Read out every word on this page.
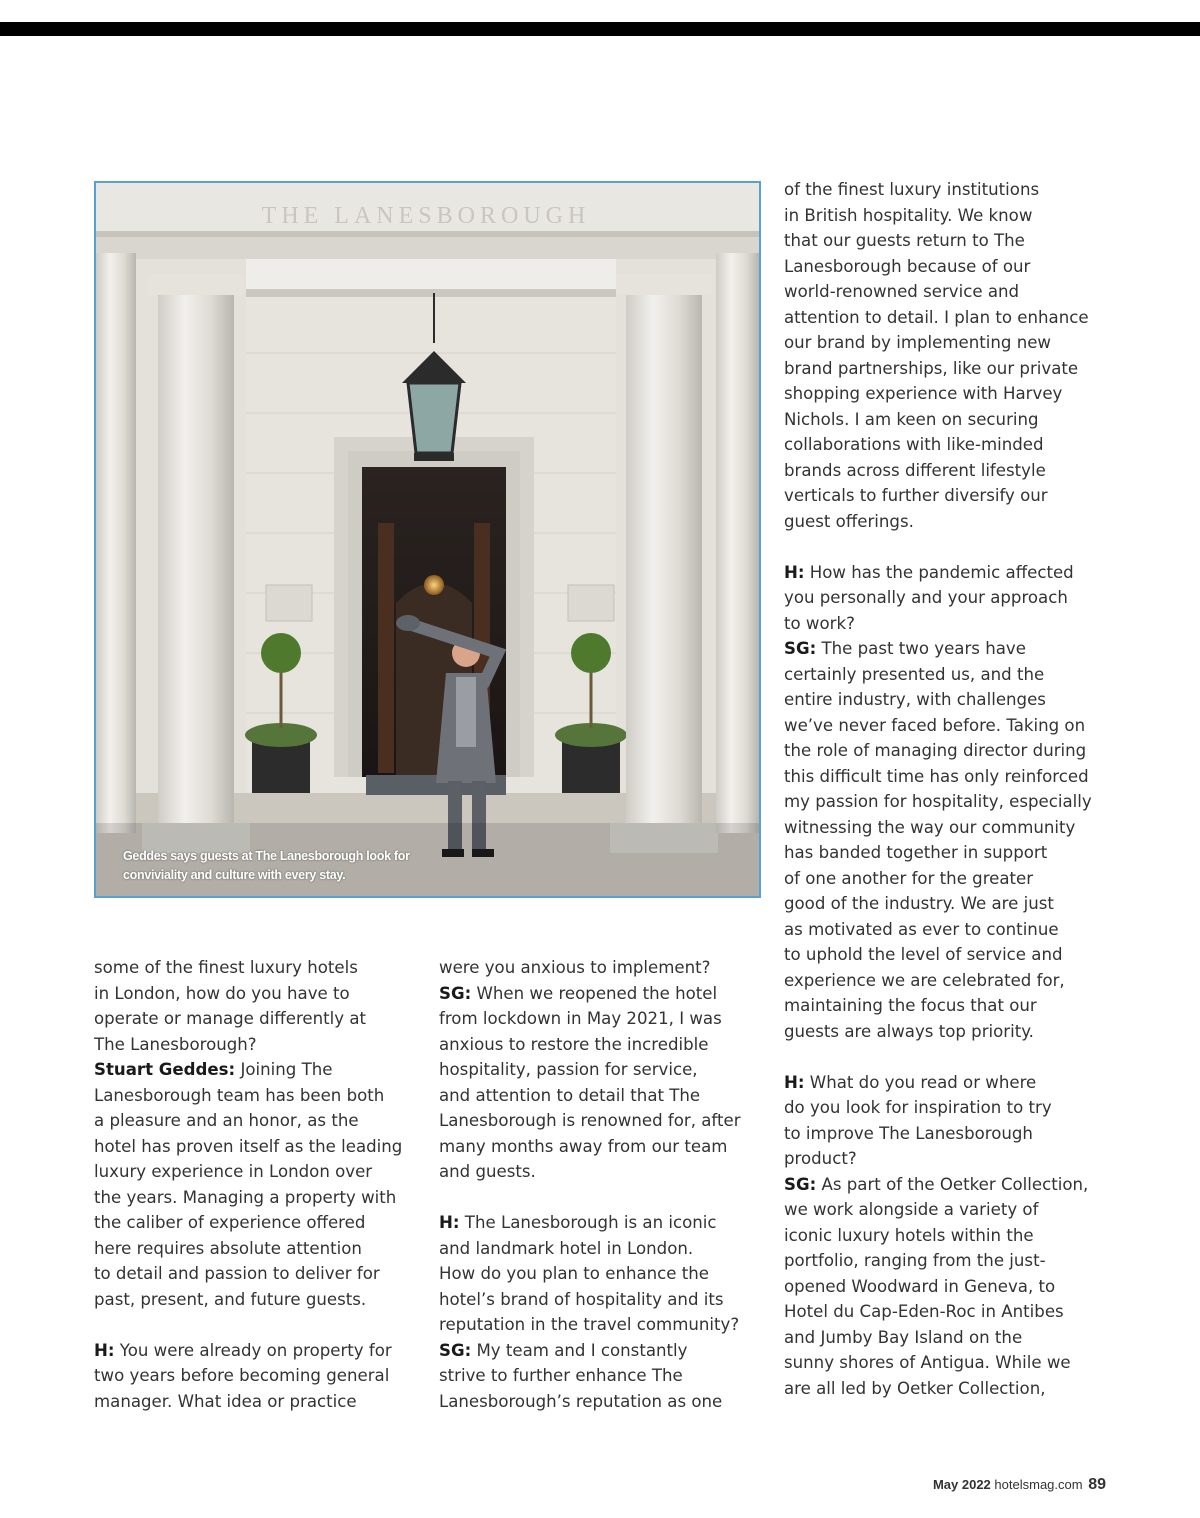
THE LANESBOROUGH
Geddes says guests at The Lanesborough look for
conviviality and culture with every stay.

some of the finest luxury hotels

in London, how do you have to

operate or manage differently at

The Lanesborough?

Stuart Geddes: Joining The

Lanesborough team has been both

a pleasure and an honor, as the

hotel has proven itself as the leading

luxury experience in London over

the years. Managing a property with

the caliber of experience offered

here requires absolute attention

to detail and passion to deliver for

past, present, and future guests.

H: You were already on property for

two years before becoming general

manager. What idea or practice

were you anxious to implement?

SG: When we reopened the hotel

from lockdown in May 2021, I was

anxious to restore the incredible

hospitality, passion for service,

and attention to detail that The

Lanesborough is renowned for, after

many months away from our team

and guests.

H: The Lanesborough is an iconic

and landmark hotel in London.

How do you plan to enhance the

hotel’s brand of hospitality and its

reputation in the travel community?

SG: My team and I constantly

strive to further enhance The

Lanesborough’s reputation as one

of the finest luxury institutions

in British hospitality. We know

that our guests return to The

Lanesborough because of our

world-renowned service and

attention to detail. I plan to enhance

our brand by implementing new

brand partnerships, like our private

shopping experience with Harvey

Nichols. I am keen on securing

collaborations with like-minded

brands across different lifestyle

verticals to further diversify our

guest offerings.

H: How has the pandemic affected

you personally and your approach

to work?

SG: The past two years have

certainly presented us, and the

entire industry, with challenges

we’ve never faced before. Taking on

the role of managing director during

this difficult time has only reinforced

my passion for hospitality, especially

witnessing the way our community

has banded together in support

of one another for the greater

good of the industry. We are just

as motivated as ever to continue

to uphold the level of service and

experience we are celebrated for,

maintaining the focus that our

guests are always top priority.

H: What do you read or where

do you look for inspiration to try

to improve The Lanesborough

product?

SG: As part of the Oetker Collection,

we work alongside a variety of

iconic luxury hotels within the

portfolio, ranging from the just-

opened Woodward in Geneva, to

Hotel du Cap-Eden-Roc in Antibes

and Jumby Bay Island on the

sunny shores of Antigua. While we

are all led by Oetker Collection,

May 2022 hotelsmag.com 89
